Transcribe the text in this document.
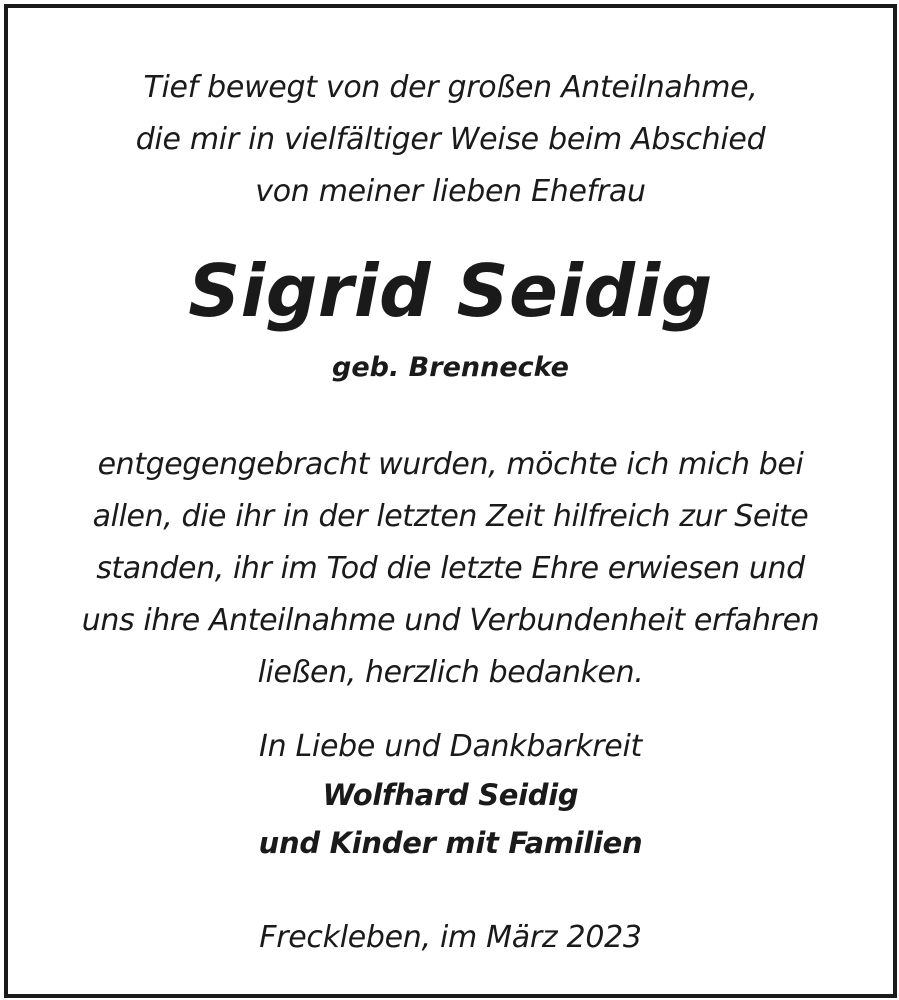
Tief bewegt von der großen Anteilnahme,
die mir in vielfältiger Weise beim Abschied
von meiner lieben Ehefrau

Sigrid Seidig

geb. Brennecke

entgegengebracht wurden, möchte ich mich bei
allen, die ihr in der letzten Zeit hilfreich zur Seite
standen, ihr im Tod die letzte Ehre erwiesen und
uns ihre Anteilnahme und Verbundenheit erfahren
ließen, herzlich bedanken.

In Liebe und Dankbarkreit
Wolfhard Seidig
und Kinder mit Familien

Freckleben, im März 2023
